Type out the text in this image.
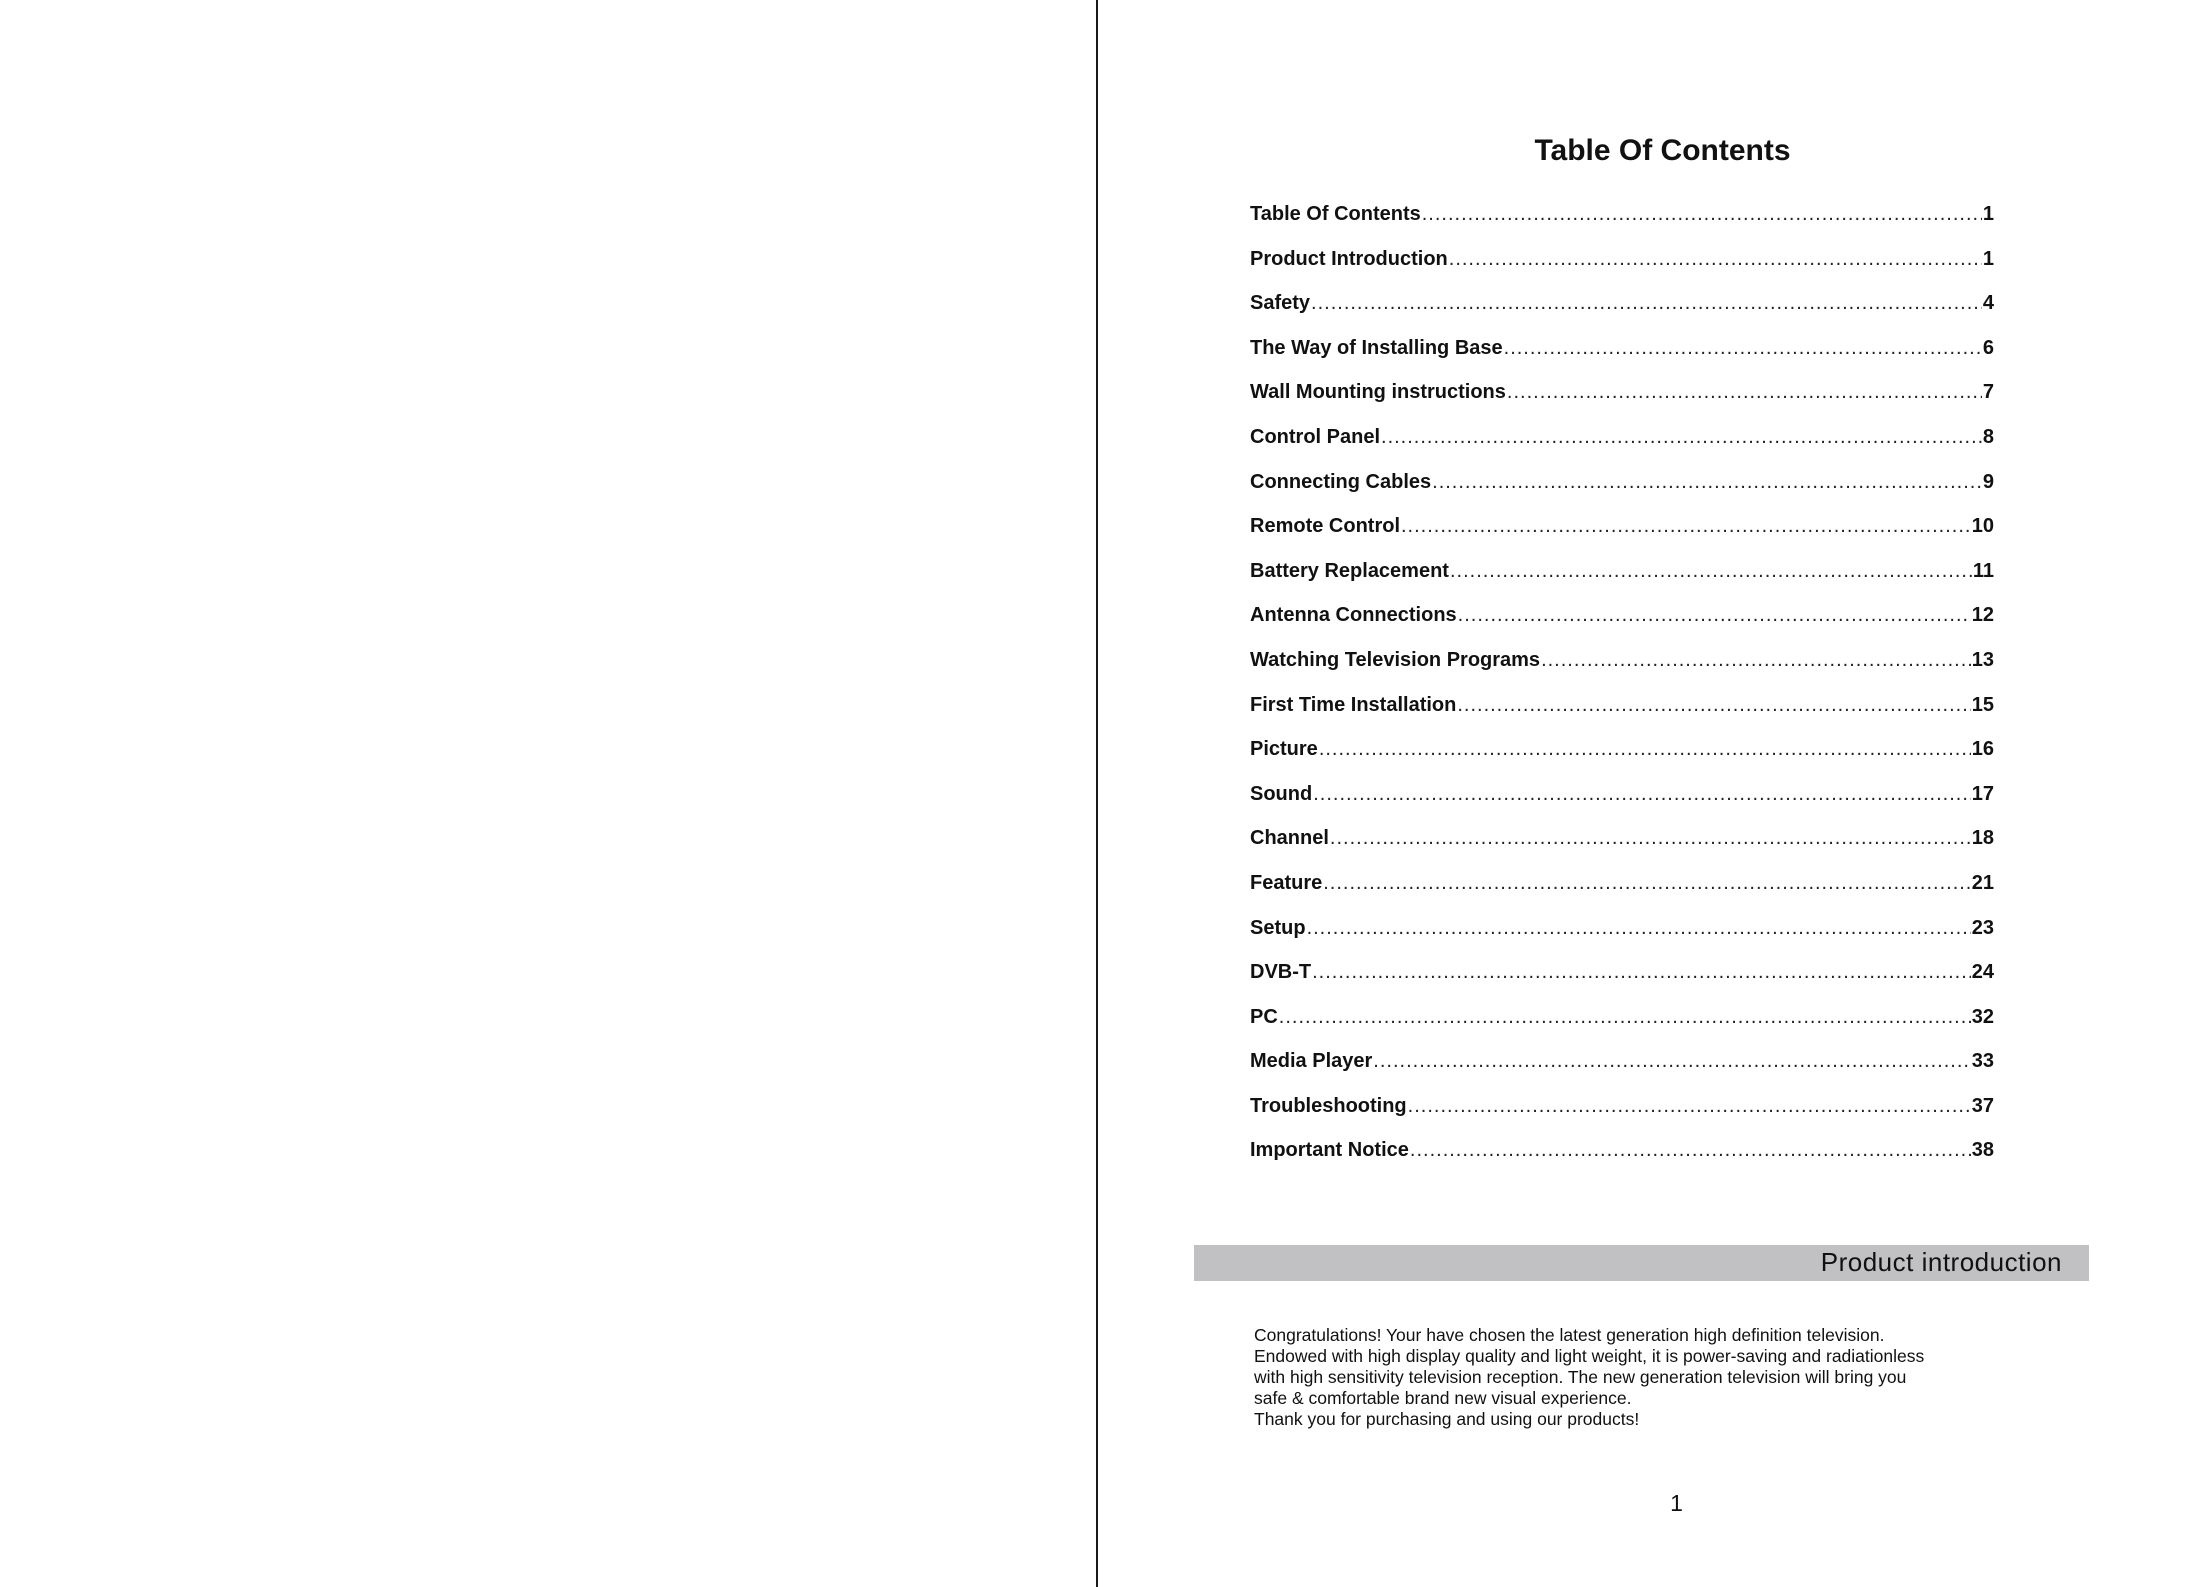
Table Of Contents
Table Of Contents .....	1
Product Introduction .....	1
Safety .....	4
The Way of Installing Base .....	6
Wall Mounting instructions .....	7
Control Panel .....	8
Connecting Cables .....	9
Remote Control .....	10
Battery Replacement .....	11
Antenna Connections .....	12
Watching Television Programs .....	13
First Time Installation .....	15
Picture .....	16
Sound .....	17
Channel .....	18
Feature .....	21
Setup .....	23
DVB-T .....	24
PC .....	32
Media Player .....	33
Troubleshooting .....	37
Important Notice .....	38
Product introduction

Congratulations! Your have chosen the latest generation high definition television.

Endowed with high display quality and light weight, it is power-saving and radiationless

with high sensitivity television reception. The new generation television will bring you

safe & comfortable brand new visual experience.

Thank you for purchasing and using our products!

1
